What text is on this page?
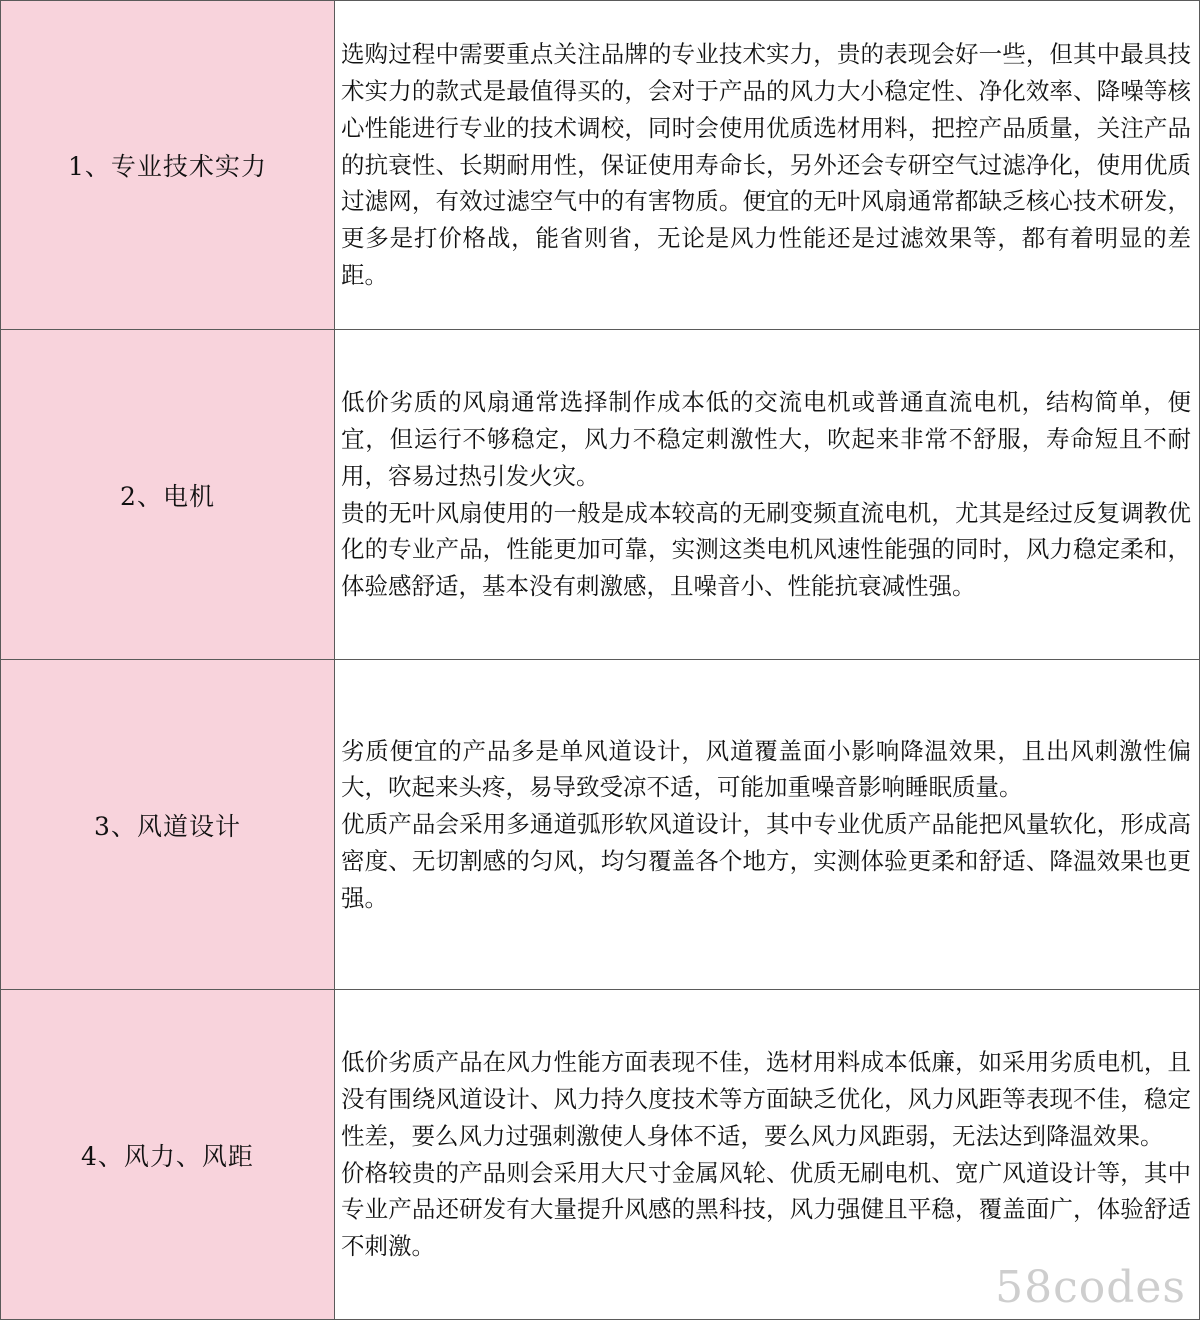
1、专业技术实力	选购过程中需要重点关注品牌的专业技术实力，贵的表现会好一些，但其中最具技术实力的款式是最值得买的，会对于产品的风力大小稳定性、净化效率、降噪等核心性能进行专业的技术调校，同时会使用优质选材用料，把控产品质量，关注产品的抗衰性、长期耐用性，保证使用寿命长，另外还会专研空气过滤净化，使用优质过滤网，有效过滤空气中的有害物质。便宜的无叶风扇通常都缺乏核心技术研发，更多是打价格战，能省则省，无论是风力性能还是过滤效果等，都有着明显的差距。

2、电机	低价劣质的风扇通常选择制作成本低的交流电机或普通直流电机，结构简单，便宜，但运行不够稳定，风力不稳定刺激性大，吹起来非常不舒服，寿命短且不耐用，容易过热引发火灾。

贵的无叶风扇使用的一般是成本较高的无刷变频直流电机，尤其是经过反复调教优化的专业产品，性能更加可靠，实测这类电机风速性能强的同时，风力稳定柔和，体验感舒适，基本没有刺激感，且噪音小、性能抗衰减性强。

3、风道设计	劣质便宜的产品多是单风道设计，风道覆盖面小影响降温效果，且出风刺激性偏大，吹起来头疼，易导致受凉不适，可能加重噪音影响睡眠质量。

优质产品会采用多通道弧形软风道设计，其中专业优质产品能把风量软化，形成高密度、无切割感的匀风，均匀覆盖各个地方，实测体验更柔和舒适、降温效果也更强。

4、风力、风距	低价劣质产品在风力性能方面表现不佳，选材用料成本低廉，如采用劣质电机，且没有围绕风道设计、风力持久度技术等方面缺乏优化，风力风距等表现不佳，稳定性差，要么风力过强刺激使人身体不适，要么风力风距弱，无法达到降温效果。

价格较贵的产品则会采用大尺寸金属风轮、优质无刷电机、宽广风道设计等，其中专业产品还研发有大量提升风感的黑科技，风力强健且平稳，覆盖面广，体验舒适不刺激。

58codes
